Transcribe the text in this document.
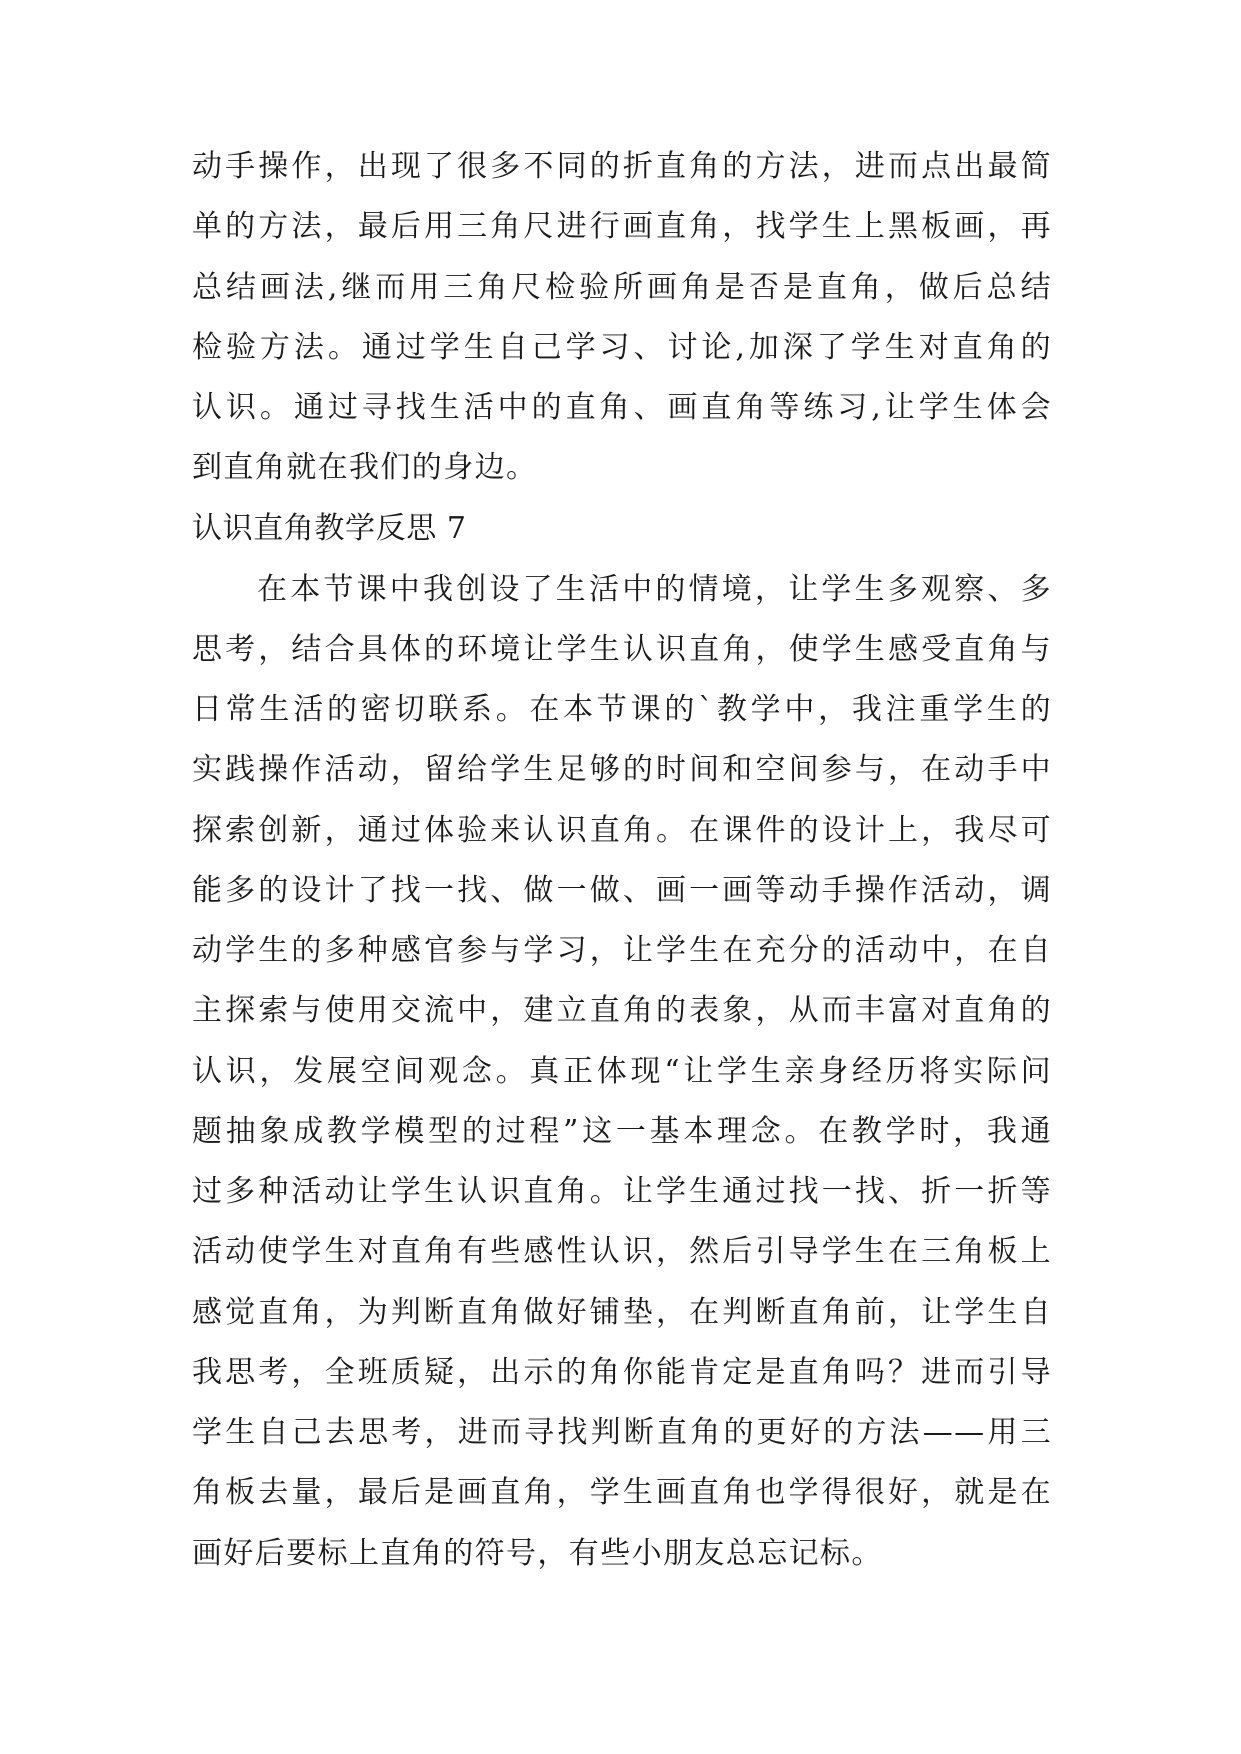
动手操作，出现了很多不同的折直角的方法，进而点出最简
单的方法，最后用三角尺进行画直角，找学生上黑板画，再
总结画法,继而用三角尺检验所画角是否是直角，做后总结
检验方法。通过学生自己学习、讨论,加深了学生对直角的
认识。通过寻找生活中的直角、画直角等练习,让学生体会
到直角就在我们的身边。
认识直角教学反思 7
在本节课中我创设了生活中的情境，让学生多观察、多
思考，结合具体的环境让学生认识直角，使学生感受直角与
日常生活的密切联系。在本节课的`教学中，我注重学生的
实践操作活动，留给学生足够的时间和空间参与，在动手中
探索创新，通过体验来认识直角。在课件的设计上，我尽可
能多的设计了找一找、做一做、画一画等动手操作活动，调
动学生的多种感官参与学习，让学生在充分的活动中，在自
主探索与使用交流中，建立直角的表象，从而丰富对直角的
认识，发展空间观念。真正体现“让学生亲身经历将实际问
题抽象成教学模型的过程”这一基本理念。在教学时，我通
过多种活动让学生认识直角。让学生通过找一找、折一折等
活动使学生对直角有些感性认识，然后引导学生在三角板上
感觉直角，为判断直角做好铺垫，在判断直角前，让学生自
我思考，全班质疑，出示的角你能肯定是直角吗？进而引导
学生自己去思考，进而寻找判断直角的更好的方法——用三
角板去量，最后是画直角，学生画直角也学得很好，就是在
画好后要标上直角的符号，有些小朋友总忘记标。
